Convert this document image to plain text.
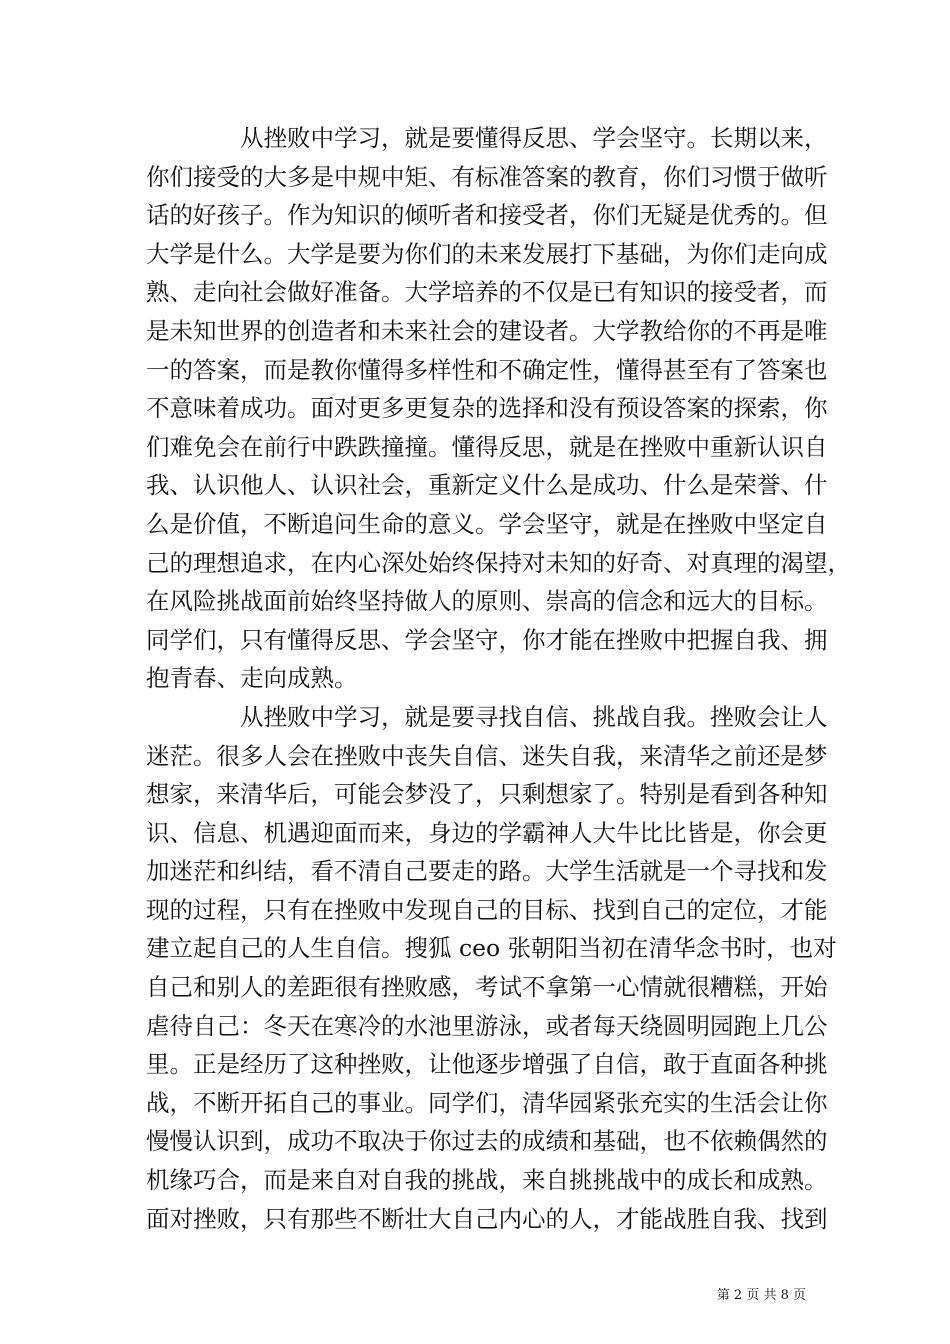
从挫败中学习，就是要懂得反思、学会坚守。长期以来，
你们接受的大多是中规中矩、有标准答案的教育，你们习惯于做听
话的好孩子。作为知识的倾听者和接受者，你们无疑是优秀的。但
大学是什么。大学是要为你们的未来发展打下基础，为你们走向成
熟、走向社会做好准备。大学培养的不仅是已有知识的接受者，而
是未知世界的创造者和未来社会的建设者。大学教给你的不再是唯
一的答案，而是教你懂得多样性和不确定性，懂得甚至有了答案也
不意味着成功。面对更多更复杂的选择和没有预设答案的探索，你
们难免会在前行中跌跌撞撞。懂得反思，就是在挫败中重新认识自
我、认识他人、认识社会，重新定义什么是成功、什么是荣誉、什
么是价值，不断追问生命的意义。学会坚守，就是在挫败中坚定自
己的理想追求，在内心深处始终保持对未知的好奇、对真理的渴望，
在风险挑战面前始终坚持做人的原则、崇高的信念和远大的目标。
同学们，只有懂得反思、学会坚守，你才能在挫败中把握自我、拥
抱青春、走向成熟。
从挫败中学习，就是要寻找自信、挑战自我。挫败会让人
迷茫。很多人会在挫败中丧失自信、迷失自我，来清华之前还是梦
想家，来清华后，可能会梦没了，只剩想家了。特别是看到各种知
识、信息、机遇迎面而来，身边的学霸神人大牛比比皆是，你会更
加迷茫和纠结，看不清自己要走的路。大学生活就是一个寻找和发
现的过程，只有在挫败中发现自己的目标、找到自己的定位，才能
建立起自己的人生自信。搜狐 ceo 张朝阳当初在清华念书时，也对
自己和别人的差距很有挫败感，考试不拿第一心情就很糟糕，开始
虐待自己：冬天在寒冷的水池里游泳，或者每天绕圆明园跑上几公
里。正是经历了这种挫败，让他逐步增强了自信，敢于直面各种挑
战，不断开拓自己的事业。同学们，清华园紧张充实的生活会让你
慢慢认识到，成功不取决于你过去的成绩和基础，也不依赖偶然的
机缘巧合，而是来自对自我的挑战，来自挑挑战中的成长和成熟。
面对挫败，只有那些不断壮大自己内心的人，才能战胜自我、找到
第 2 页 共 8 页
